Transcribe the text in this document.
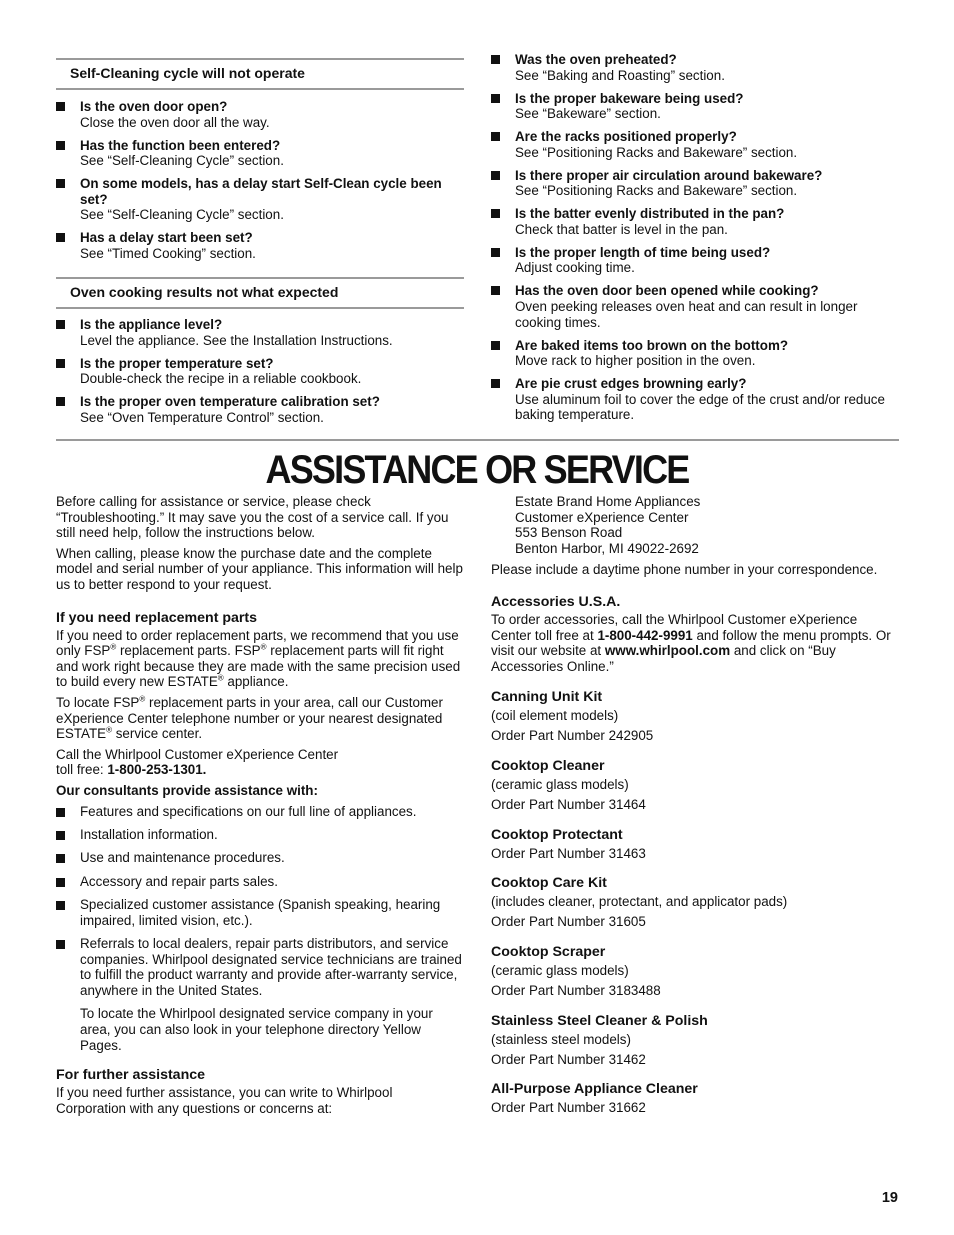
Self-Cleaning cycle will not operate
Is the oven door open?
Close the oven door all the way.
Has the function been entered?
See “Self-Cleaning Cycle” section.
On some models, has a delay start Self-Clean cycle been set?
See “Self-Cleaning Cycle” section.
Has a delay start been set?
See “Timed Cooking” section.
Oven cooking results not what expected
Is the appliance level?
Level the appliance. See the Installation Instructions.
Is the proper temperature set?
Double-check the recipe in a reliable cookbook.
Is the proper oven temperature calibration set?
See “Oven Temperature Control” section.
Was the oven preheated?
See “Baking and Roasting” section.
Is the proper bakeware being used?
See “Bakeware” section.
Are the racks positioned properly?
See “Positioning Racks and Bakeware” section.
Is there proper air circulation around bakeware?
See “Positioning Racks and Bakeware” section.
Is the batter evenly distributed in the pan?
Check that batter is level in the pan.
Is the proper length of time being used?
Adjust cooking time.
Has the oven door been opened while cooking?
Oven peeking releases oven heat and can result in longer cooking times.
Are baked items too brown on the bottom?
Move rack to higher position in the oven.
Are pie crust edges browning early?
Use aluminum foil to cover the edge of the crust and/or reduce baking temperature.
ASSISTANCE OR SERVICE

Before calling for assistance or service, please check “Troubleshooting.” It may save you the cost of a service call. If you still need help, follow the instructions below.

When calling, please know the purchase date and the complete model and serial number of your appliance. This information will help us to better respond to your request.

If you need replacement parts

If you need to order replacement parts, we recommend that you use only FSP® replacement parts. FSP® replacement parts will fit right and work right because they are made with the same precision used to build every new ESTATE® appliance.

To locate FSP® replacement parts in your area, call our Customer eXperience Center telephone number or your nearest designated ESTATE® service center.

Call the Whirlpool Customer eXperience Center
toll free: 1-800-253-1301.

Our consultants provide assistance with:
Features and specifications on our full line of appliances.
Installation information.
Use and maintenance procedures.
Accessory and repair parts sales.
Specialized customer assistance (Spanish speaking, hearing impaired, limited vision, etc.).
Referrals to local dealers, repair parts distributors, and service companies. Whirlpool designated service technicians are trained to fulfill the product warranty and provide after-warranty service, anywhere in the United States.

To locate the Whirlpool designated service company in your area, you can also look in your telephone directory Yellow Pages.

For further assistance

If you need further assistance, you can write to Whirlpool Corporation with any questions or concerns at:

Estate Brand Home Appliances
Customer eXperience Center
553 Benson Road
Benton Harbor, MI 49022-2692

Please include a daytime phone number in your correspondence.

Accessories U.S.A.

To order accessories, call the Whirlpool Customer eXperience Center toll free at 1-800-442-9991 and follow the menu prompts. Or visit our website at www.whirlpool.com and click on “Buy Accessories Online.”

Canning Unit Kit
(coil element models)
Order Part Number 242905
Cooktop Cleaner
(ceramic glass models)
Order Part Number 31464
Cooktop Protectant
Order Part Number 31463
Cooktop Care Kit
(includes cleaner, protectant, and applicator pads)
Order Part Number 31605
Cooktop Scraper
(ceramic glass models)
Order Part Number 3183488
Stainless Steel Cleaner & Polish
(stainless steel models)
Order Part Number 31462
All-Purpose Appliance Cleaner
Order Part Number 31662
19
